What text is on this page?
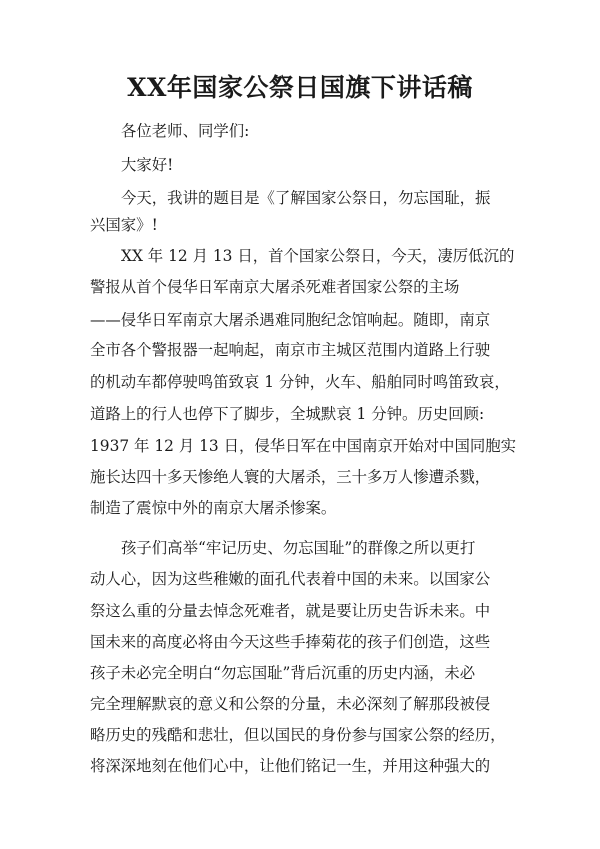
XX年国家公祭日国旗下讲话稿
各位老师、同学们:
大家好!
今天，我讲的题目是《了解国家公祭日，勿忘国耻，振
兴国家》!
XX 年 12 月 13 日，首个国家公祭日，今天，凄厉低沉的
警报从首个侵华日军南京大屠杀死难者国家公祭的主场
——侵华日军南京大屠杀遇难同胞纪念馆响起。随即，南京
全市各个警报器一起响起，南京市主城区范围内道路上行驶
的机动车都停驶鸣笛致哀 1 分钟，火车、船舶同时鸣笛致哀，
道路上的行人也停下了脚步，全城默哀 1 分钟。历史回顾:
1937 年 12 月 13 日，侵华日军在中国南京开始对中国同胞实
施长达四十多天惨绝人寰的大屠杀，三十多万人惨遭杀戮，
制造了震惊中外的南京大屠杀惨案。
孩子们高举“牢记历史、勿忘国耻”的群像之所以更打
动人心，因为这些稚嫩的面孔代表着中国的未来。以国家公
祭这么重的分量去悼念死难者，就是要让历史告诉未来。中
国未来的高度必将由今天这些手捧菊花的孩子们创造，这些
孩子未必完全明白“勿忘国耻”背后沉重的历史内涵，未必
完全理解默哀的意义和公祭的分量，未必深刻了解那段被侵
略历史的残酷和悲壮，但以国民的身份参与国家公祭的经历，
将深深地刻在他们心中，让他们铭记一生，并用这种强大的
